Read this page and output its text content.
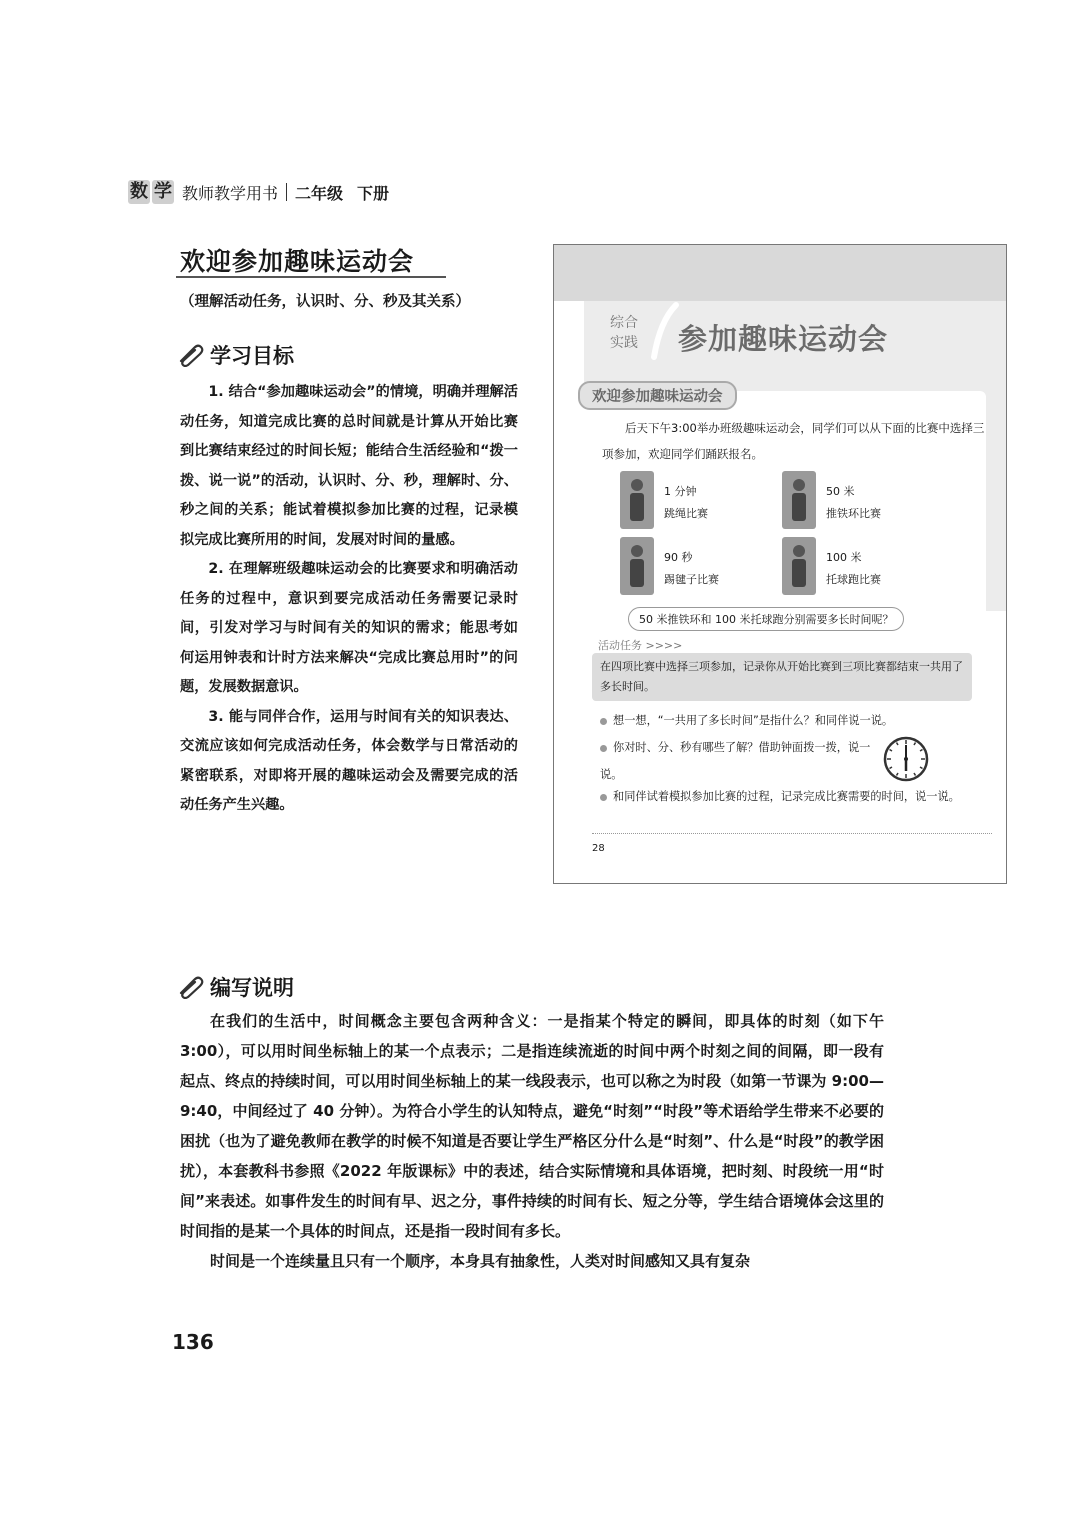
数 学 教师教学用书 二年级 下册
欢迎参加趣味运动会
（理解活动任务，认识时、分、秒及其关系）
学习目标

1. 结合“参加趣味运动会”的情境，明确并理解活动任务，知道完成比赛的总时间就是计算从开始比赛到比赛结束经过的时间长短；能结合生活经验和“拨一拨、说一说”的活动，认识时、分、秒，理解时、分、秒之间的关系；能试着模拟参加比赛的过程，记录模拟完成比赛所用的时间，发展对时间的量感。

2. 在理解班级趣味运动会的比赛要求和明确活动任务的过程中，意识到要完成活动任务需要记录时间，引发对学习与时间有关的知识的需求；能思考如何运用钟表和计时方法来解决“完成比赛总用时”的问题，发展数据意识。

3. 能与同伴合作，运用与时间有关的知识表达、交流应该如何完成活动任务，体会数学与日常活动的紧密联系，对即将开展的趣味运动会及需要完成的活动任务产生兴趣。

综合
实践 参加趣味运动会
欢迎参加趣味运动会
后天下午3:00举办班级趣味运动会，同学们可以从下面的比赛中选择三项参加，欢迎同学们踊跃报名。
1 分钟
跳绳比赛
50 米
推铁环比赛
90 秒
踢毽子比赛
100 米
托球跑比赛
50 米推铁环和 100 米托球跑分别需要多长时间呢？
活动任务 >>>>
在四项比赛中选择三项参加，记录你从开始比赛到三项比赛都结束一共用了多长时间。
想一想，“一共用了多长时间”是指什么？和同伴说一说。
你对时、分、秒有哪些了解？借助钟面拨一拨，说一说。
和同伴试着模拟参加比赛的过程，记录完成比赛需要的时间，说一说。
28
编写说明

在我们的生活中，时间概念主要包含两种含义：一是指某个特定的瞬间，即具体的时刻（如下午 3:00），可以用时间坐标轴上的某一个点表示；二是指连续流逝的时间中两个时刻之间的间隔，即一段有起点、终点的持续时间，可以用时间坐标轴上的某一线段表示，也可以称之为时段（如第一节课为 9:00—9:40，中间经过了 40 分钟）。为符合小学生的认知特点，避免“时刻”“时段”等术语给学生带来不必要的困扰（也为了避免教师在教学的时候不知道是否要让学生严格区分什么是“时刻”、什么是“时段”的教学困扰），本套教科书参照《2022 年版课标》中的表述，结合实际情境和具体语境，把时刻、时段统一用“时间”来表述。如事件发生的时间有早、迟之分，事件持续的时间有长、短之分等，学生结合语境体会这里的时间指的是某一个具体的时间点，还是指一段时间有多长。

时间是一个连续量且只有一个顺序，本身具有抽象性，人类对时间感知又具有复杂

136
